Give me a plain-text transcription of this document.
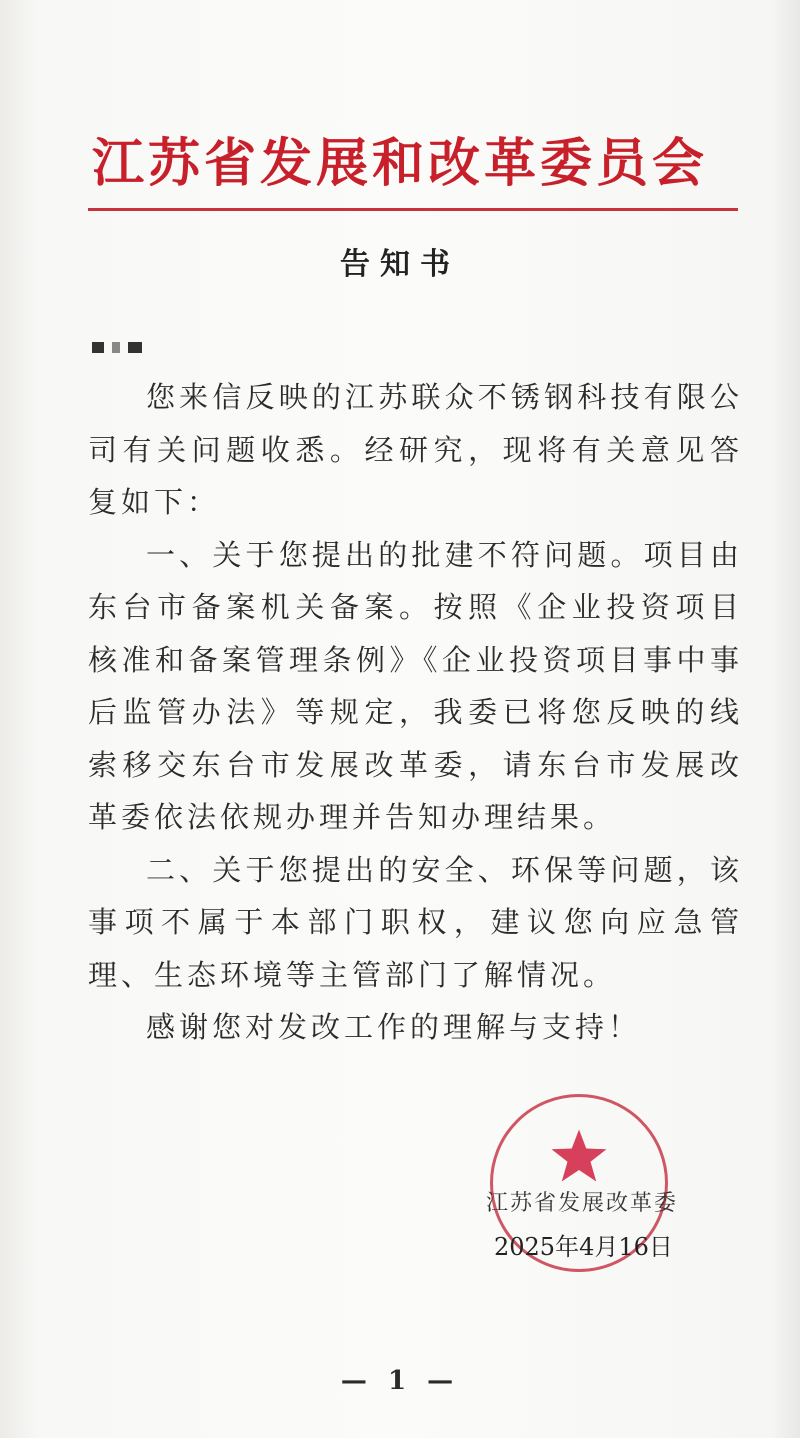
江苏省发展和改革委员会
告知书

您来信反映的江苏联众不锈钢科技有限公司有关问题收悉。经研究，现将有关意见答复如下：

一、关于您提出的批建不符问题。项目由东台市备案机关备案。按照《企业投资项目核准和备案管理条例》《企业投资项目事中事后监管办法》等规定，我委已将您反映的线索移交东台市发展改革委，请东台市发展改革委依法依规办理并告知办理结果。

二、关于您提出的安全、环保等问题，该事项不属于本部门职权，建议您向应急管理、生态环境等主管部门了解情况。

感谢您对发改工作的理解与支持！

江苏省发展改革委
2025年4月16日
— 1 —
